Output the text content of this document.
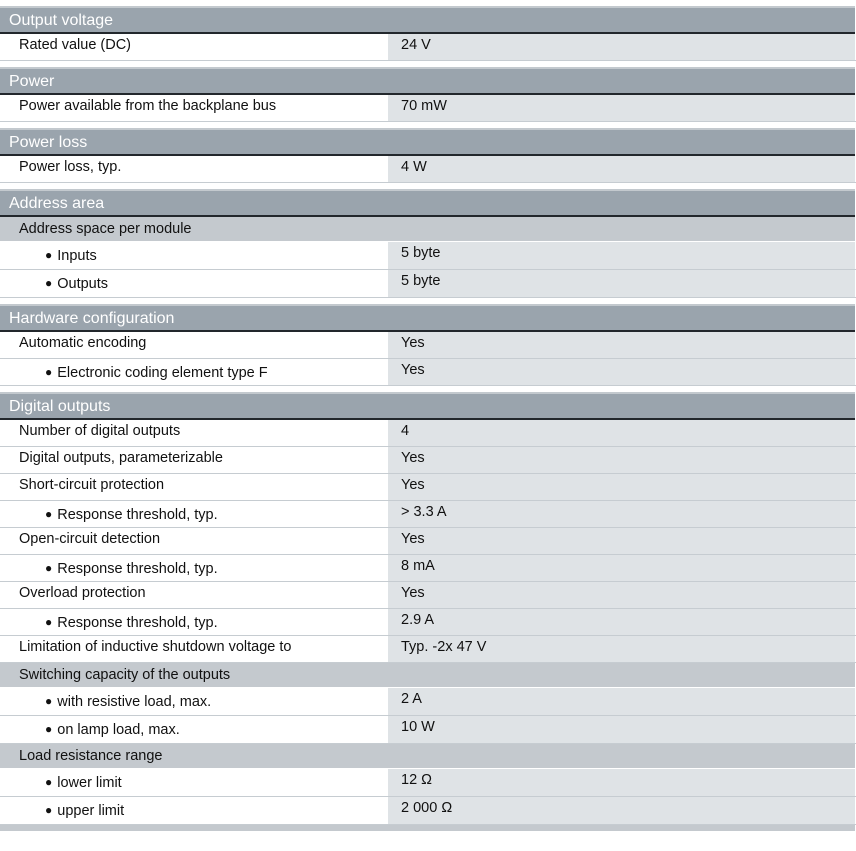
Output voltage
Rated value (DC)	24 V
Power
Power available from the backplane bus	70 mW
Power loss
Power loss, typ.	4 W
Address area
Address space per module
● Inputs	5 byte
● Outputs	5 byte
Hardware configuration
Automatic encoding	Yes
● Electronic coding element type F	Yes
Digital outputs
Number of digital outputs	4
Digital outputs, parameterizable	Yes
Short-circuit protection	Yes
● Response threshold, typ.	> 3.3 A
Open-circuit detection	Yes
● Response threshold, typ.	8 mA
Overload protection	Yes
● Response threshold, typ.	2.9 A
Limitation of inductive shutdown voltage to	Typ. -2x 47 V
Switching capacity of the outputs
● with resistive load, max.	2 A
● on lamp load, max.	10 W
Load resistance range
● lower limit	12 Ω
● upper limit	2 000 Ω
